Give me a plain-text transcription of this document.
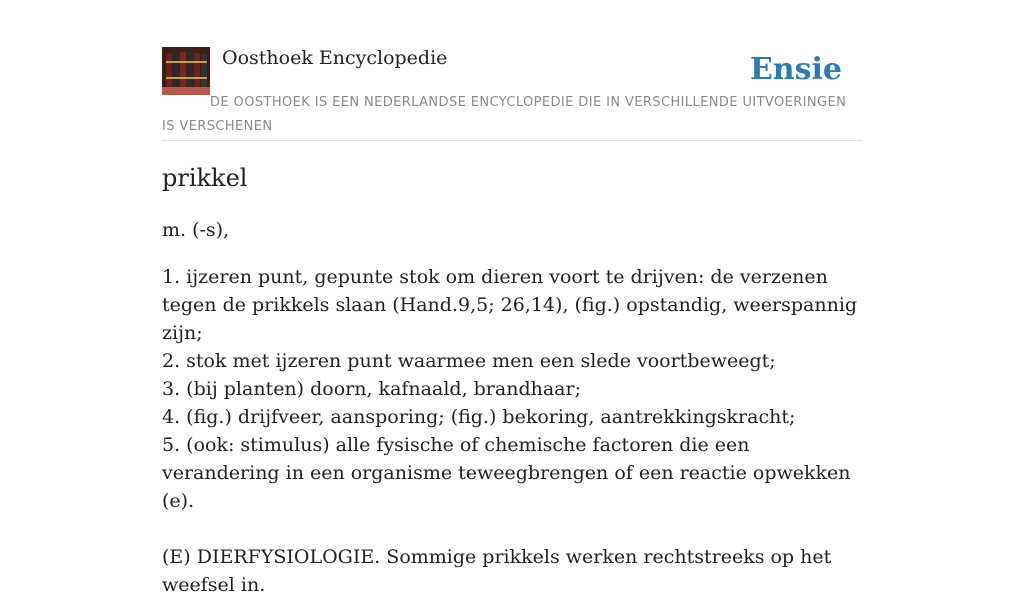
Oosthoek Encyclopedie	Ensie

DE OOSTHOEK IS EEN NEDERLANDSE ENCYCLOPEDIE DIE IN VERSCHILLENDE UITVOERINGEN IS VERSCHENEN

prikkel

m. (-s),

1. ijzeren punt, gepunte stok om dieren voort te drijven: de verzenen tegen de prikkels slaan (Hand.9,5; 26,14), (fig.) opstandig, weerspannig zijn;
2. stok met ijzeren punt waarmee men een slede voortbeweegt;
3. (bij planten) doorn, kafnaald, brandhaar;
4. (fig.) drijfveer, aansporing; (fig.) bekoring, aantrekkingskracht;
5. (ook: stimulus) alle fysische of chemische factoren die een verandering in een organisme teweegbrengen of een reactie opwekken (e).

(E) DIERFYSIOLOGIE. Sommige prikkels werken rechtstreeks op het weefsel in.
